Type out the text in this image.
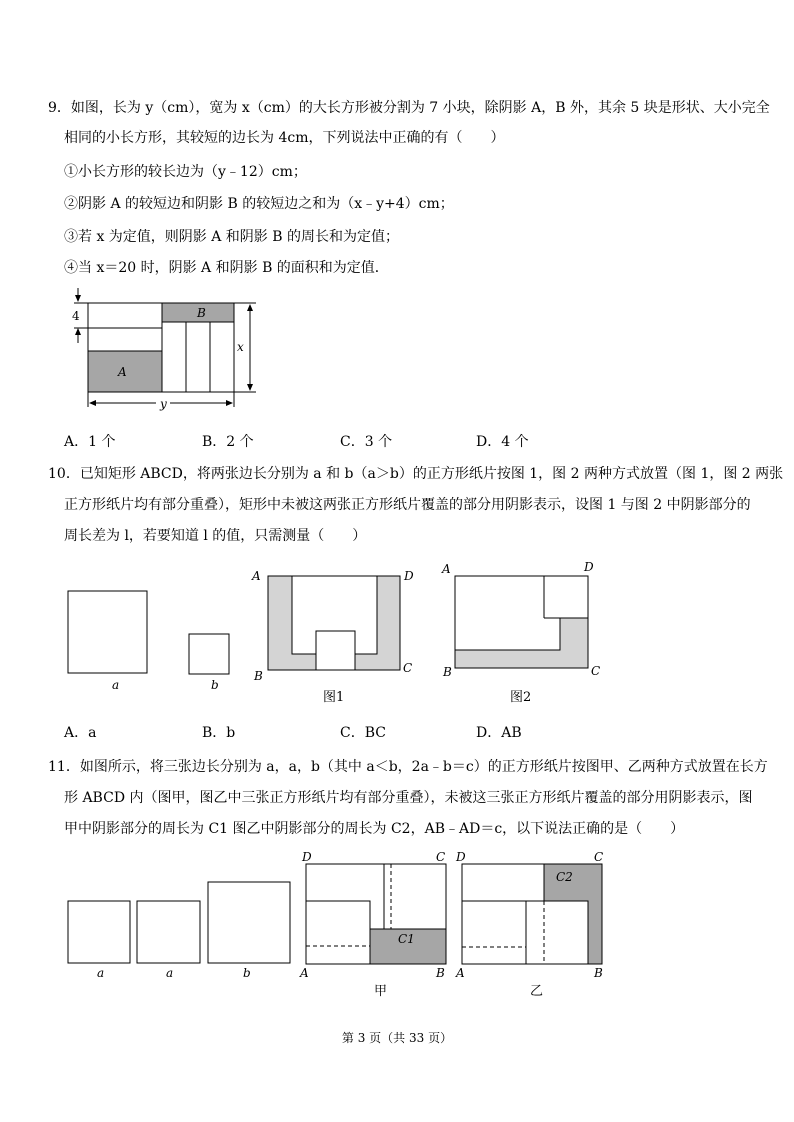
9．如图，长为 y（cm），宽为 x（cm）的大长方形被分割为 7 小块，除阴影 A，B 外，其余 5 块是形状、大小完全
相同的小长方形，其较短的边长为 4cm，下列说法中正确的有（　　）
①小长方形的较长边为（y﹣12）cm；
②阴影 A 的较短边和阴影 B 的较短边之和为（x﹣y+4）cm；
③若 x 为定值，则阴影 A 和阴影 B 的周长和为定值；
④当 x＝20 时，阴影 A 和阴影 B 的面积和为定值．
4
A
B
x
y
A．1 个	B．2 个	C．3 个	D．4 个
10．已知矩形 ABCD，将两张边长分别为 a 和 b（a＞b）的正方形纸片按图 1，图 2 两种方式放置（图 1，图 2 两张
正方形纸片均有部分重叠），矩形中未被这两张正方形纸片覆盖的部分用阴影表示，设图 1 与图 2 中阴影部分的
周长差为 l，若要知道 l 的值，只需测量（　　）
a	b
A	D
B
C
图1
A	D
B	C
图2
A．a	B．b	C．BC	D．AB
11．如图所示，将三张边长分别为 a，a，b（其中 a＜b，2a﹣b＝c）的正方形纸片按图甲、乙两种方式放置在长方
形 ABCD 内（图甲，图乙中三张正方形纸片均有部分重叠），未被这三张正方形纸片覆盖的部分用阴影表示，图
甲中阴影部分的周长为 C1 图乙中阴影部分的周长为 C2，AB﹣AD＝c，以下说法正确的是（　　）
a	a	b
D	C
A	B
C1
甲
D	C
A	B
C2
乙
第 3 页（共 33 页）
